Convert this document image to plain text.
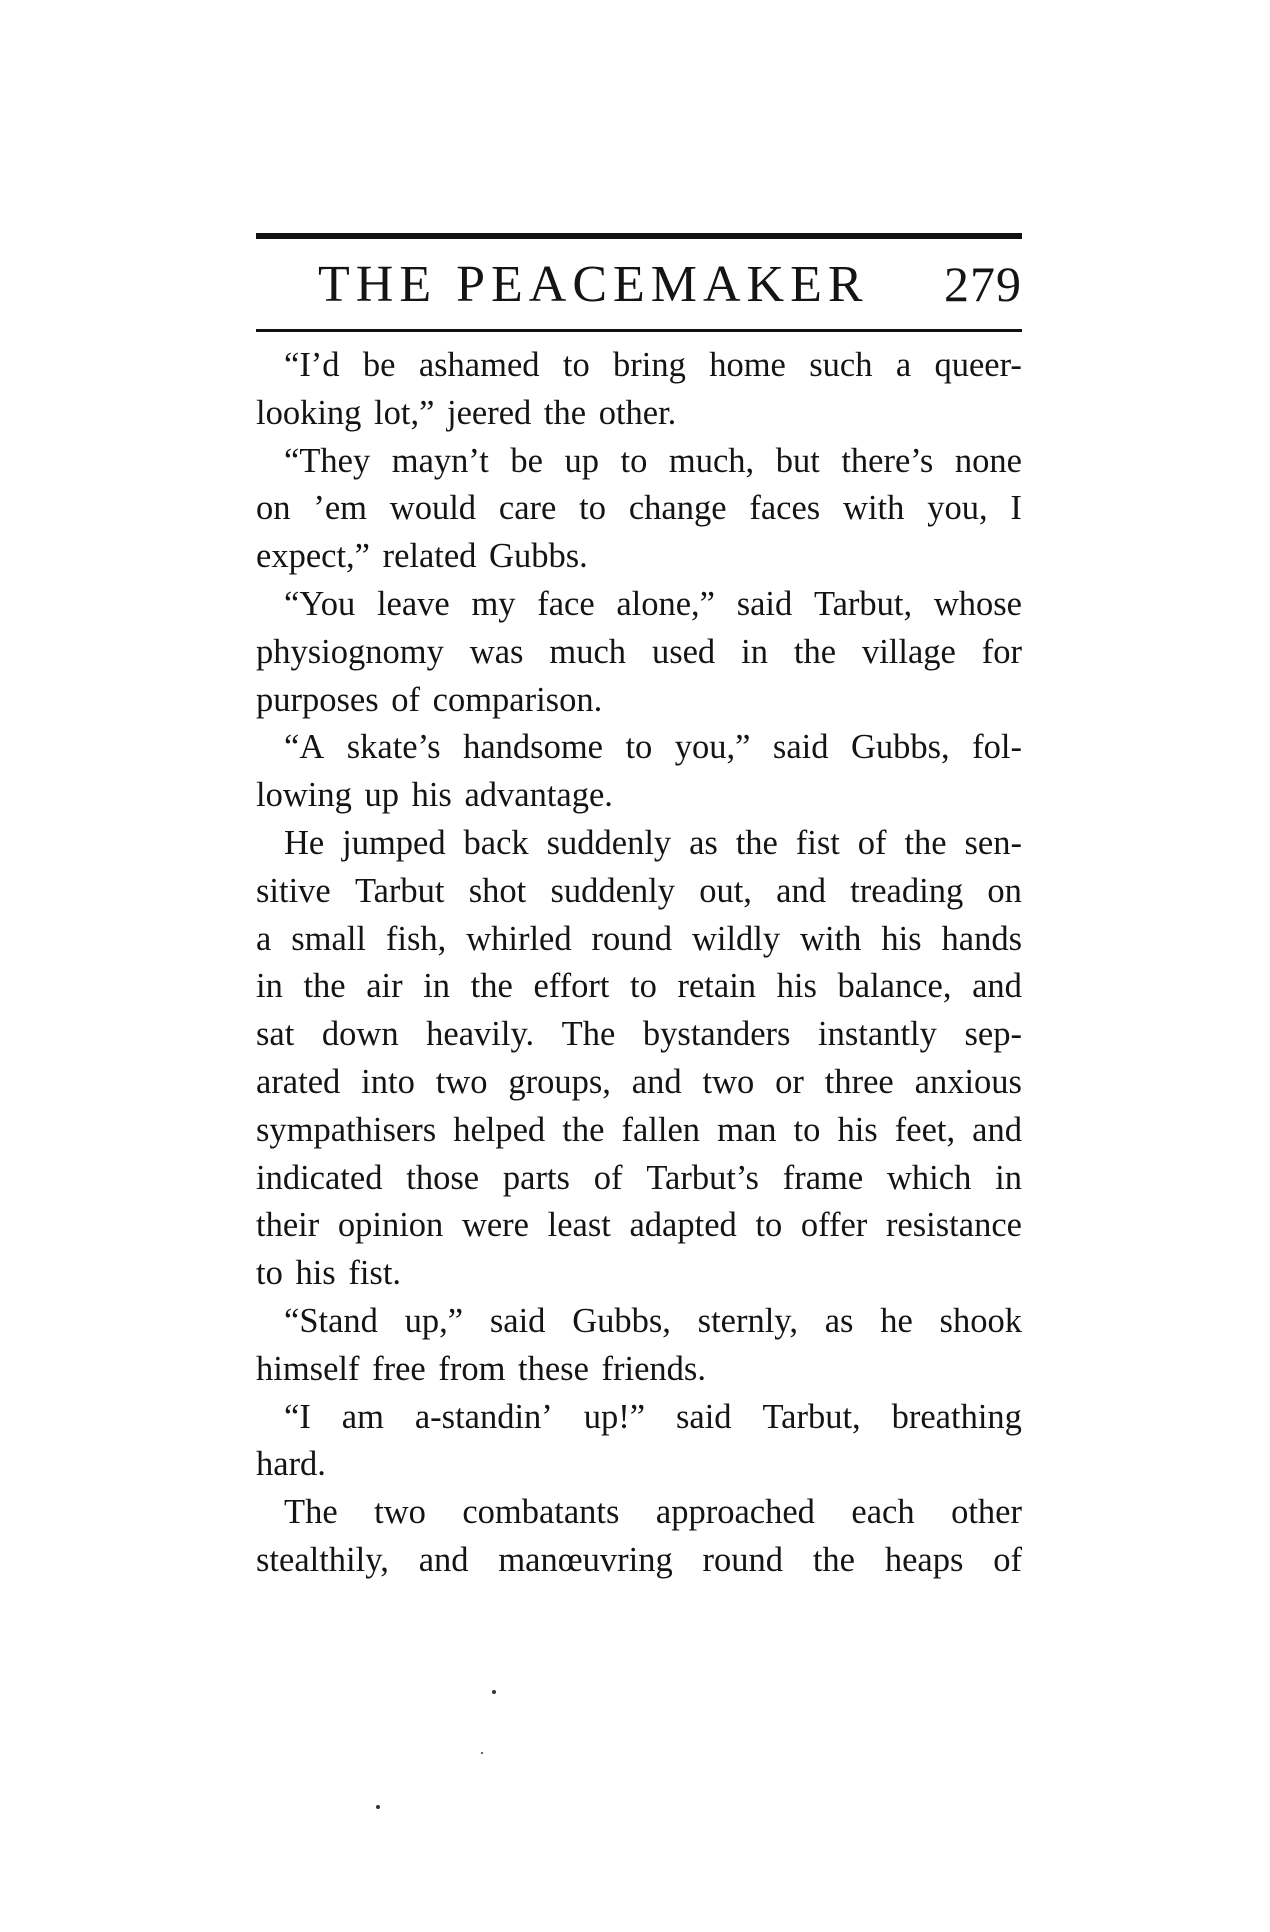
THE PEACEMAKER 279
“I’d be ashamed to bring home such a queer-
looking lot,” jeered the other.
“They mayn’t be up to much, but there’s none
on ’em would care to change faces with you, I
expect,” related Gubbs.
“You leave my face alone,” said Tarbut, whose
physiognomy was much used in the village for
purposes of comparison.
“A skate’s handsome to you,” said Gubbs, fol-
lowing up his advantage.
He jumped back suddenly as the fist of the sen-
sitive Tarbut shot suddenly out, and treading on
a small fish, whirled round wildly with his hands
in the air in the effort to retain his balance, and
sat down heavily. The bystanders instantly sep-
arated into two groups, and two or three anxious
sympathisers helped the fallen man to his feet, and
indicated those parts of Tarbut’s frame which in
their opinion were least adapted to offer resistance
to his fist.
“Stand up,” said Gubbs, sternly, as he shook
himself free from these friends.
“I am a-standin’ up!” said Tarbut, breathing
hard.
The two combatants approached each other
stealthily, and manœuvring round the heaps of
